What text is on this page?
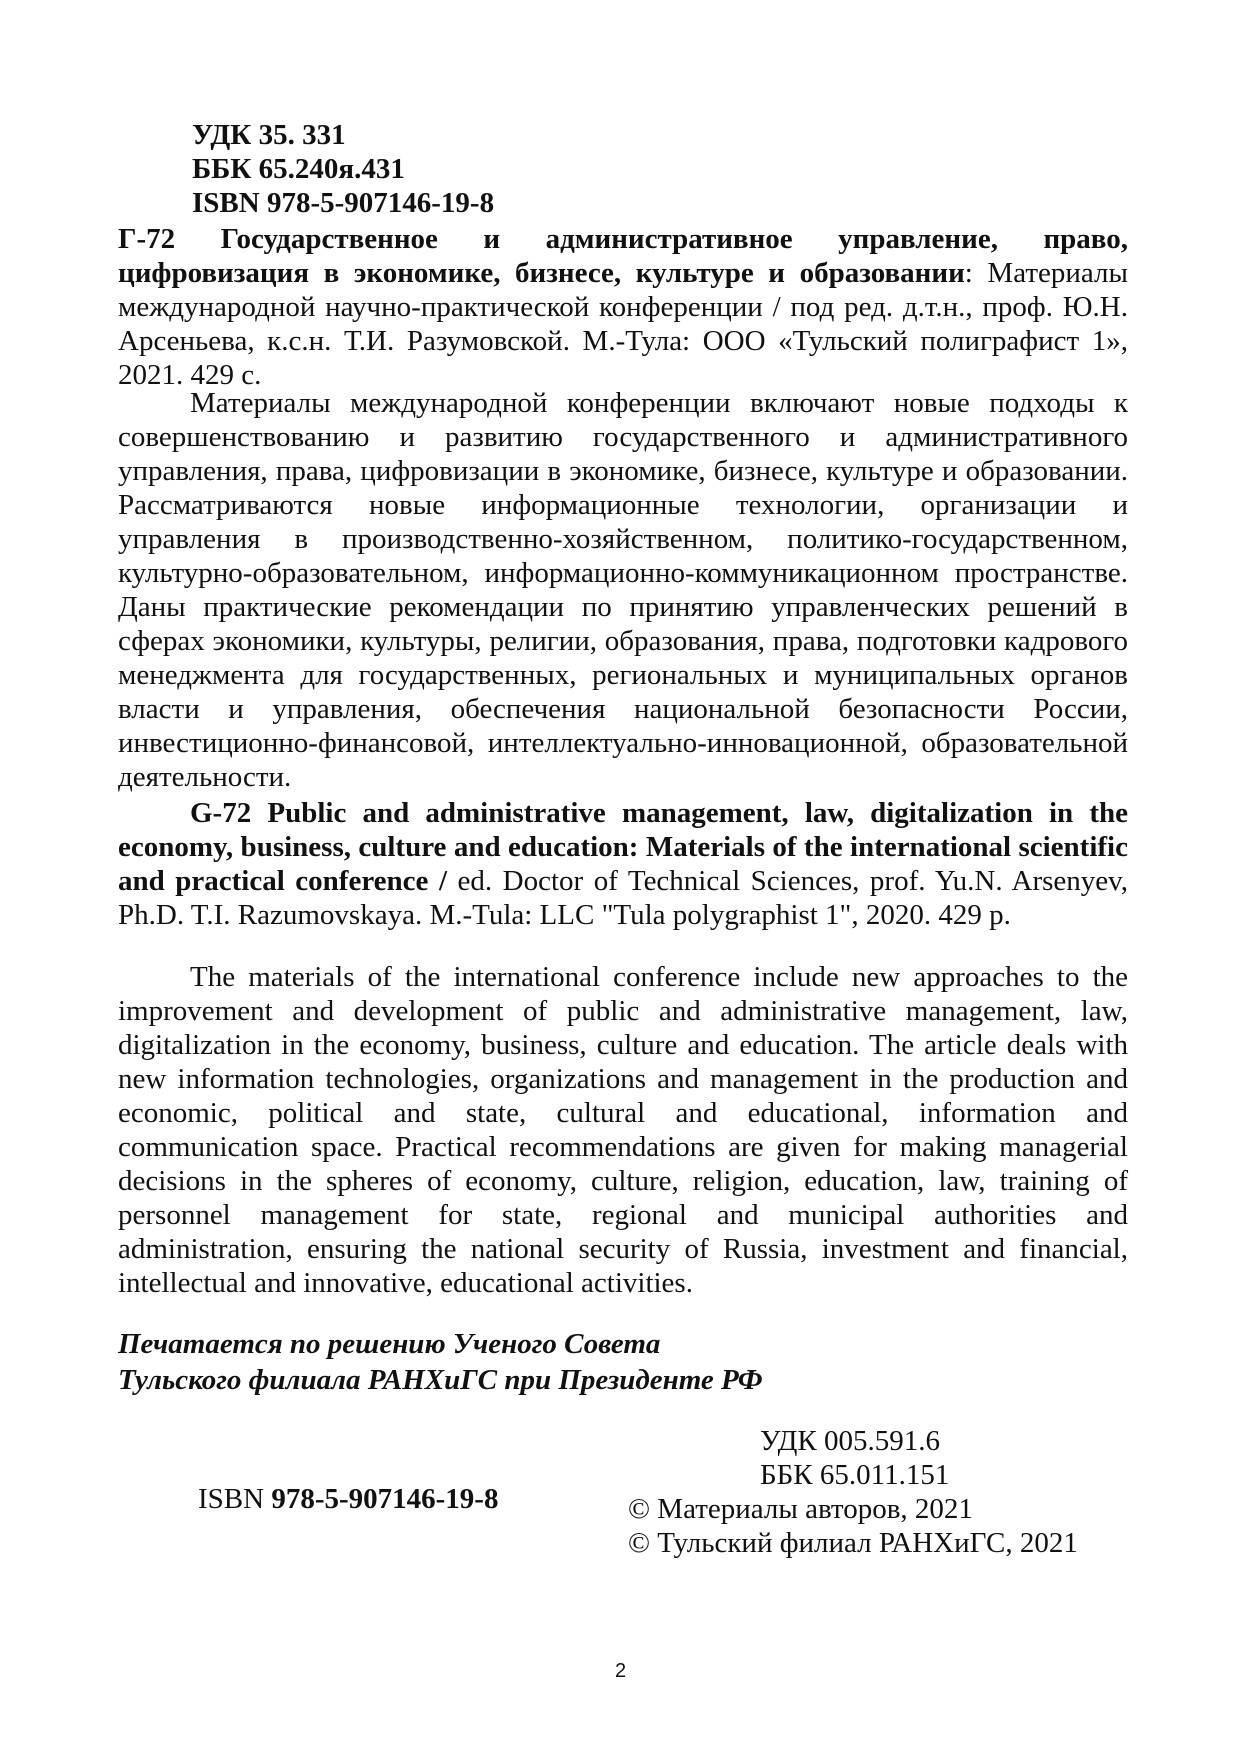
УДК 35. 331
ББК 65.240я.431
ISBN 978-5-907146-19-8
Г-72 Государственное и административное управление, право, цифровизация в экономике, бизнесе, культуре и образовании: Материалы международной научно-практической конференции / под ред. д.т.н., проф. Ю.Н. Арсеньева, к.с.н. Т.И. Разумовской. М.-Тула: ООО «Тульский полиграфист 1», 2021. 429 с.
Материалы международной конференции включают новые подходы к совершенствованию и развитию государственного и административного управления, права, цифровизации в экономике, бизнесе, культуре и образовании. Рассматриваются новые информационные технологии, организации и управления в производственно-хозяйственном, политико-государственном, культурно-образовательном, информационно-коммуникационном пространстве. Даны практические рекомендации по принятию управленческих решений в сферах экономики, культуры, религии, образования, права, подготовки кадрового менеджмента для государственных, региональных и муниципальных органов власти и управления, обеспечения национальной безопасности России, инвестиционно-финансовой, интеллектуально-инновационной, образовательной деятельности.
G-72 Public and administrative management, law, digitalization in the economy, business, culture and education: Materials of the international scientific and practical conference / ed. Doctor of Technical Sciences, prof. Yu.N. Arsenyev, Ph.D. T.I. Razumovskaya. M.-Tula: LLC "Tula polygraphist 1", 2020. 429 p.
The materials of the international conference include new approaches to the improvement and development of public and administrative management, law, digitalization in the economy, business, culture and education. The article deals with new information technologies, organizations and management in the production and economic, political and state, cultural and educational, information and communication space. Practical recommendations are given for making managerial decisions in the spheres of economy, culture, religion, education, law, training of personnel management for state, regional and municipal authorities and administration, ensuring the national security of Russia, investment and financial, intellectual and innovative, educational activities.
Печатается по решению Ученого Совета
Тульского филиала РАНХиГС при Президенте РФ
ISBN 978-5-907146-19-8
УДК 005.591.6
ББК 65.011.151
© Материалы авторов, 2021
© Тульский филиал РАНХиГС, 2021
2
